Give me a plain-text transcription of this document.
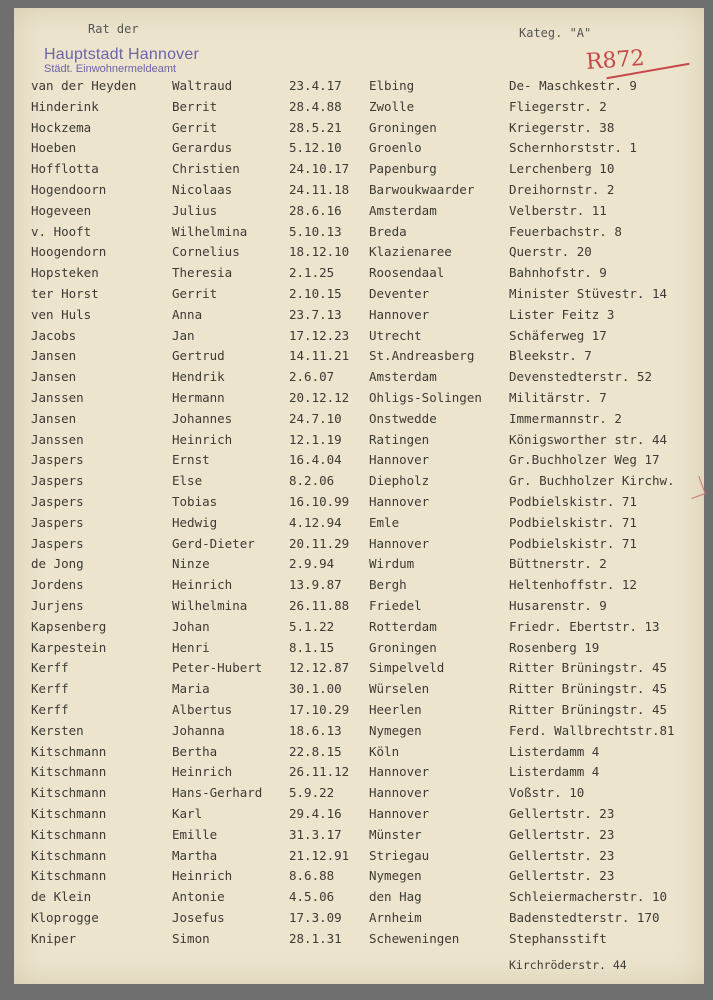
Rat der	Kateg. "A"
Hauptstadt Hannover
Städt. Einwohnermeldeamt	R872
van der Heyden	Waltraud	23.4.17 Elbing	De- Maschkestr. 9
Hinderink	Berrit	28.4.88 Zwolle	Fliegerstr. 2
Hockzema	Gerrit	28.5.21 Groningen	Kriegerstr. 38
Hoeben	Gerardus	5.12.10 Groenlo	Schernhorststr. 1
Hofflotta	Christien	24.10.17 Papenburg	Lerchenberg 10
Hogendoorn	Nicolaas	24.11.18 Barwoukwaarder	Dreihornstr. 2
Hogeveen	Julius	28.6.16 Amsterdam	Velberstr. 11
v. Hooft	Wilhelmina	5.10.13 Breda	Feuerbachstr. 8
Hoogendorn	Cornelius	18.12.10 Klazienaree	Querstr. 20
Hopsteken	Theresia	2.1.25	Roosendaal	Bahnhofstr. 9
ter Horst	Gerrit	2.10.15 Deventer	Minister Stüvestr. 14
ven Huls	Anna	23.7.13 Hannover	Lister Feitz 3
Jacobs	Jan	17.12.23 Utrecht	Schäferweg 17
Jansen	Gertrud	14.11.21 St.Andreasberg	Bleekstr. 7
Jansen	Hendrik	2.6.07	Amsterdam	Devenstedterstr. 52
Janssen	Hermann	20.12.12 Ohligs-Solingen Militärstr. 7
Jansen	Johannes	24.7.10 Onstwedde	Immermannstr. 2
Janssen	Heinrich	12.1.19 Ratingen	Königsworther str. 44
Jaspers	Ernst	16.4.04 Hannover	Gr.Buchholzer Weg 17
Jaspers	Else	8.2.06	Diepholz	Gr. Buchholzer Kirchw.
Jaspers	Tobias	16.10.99 Hannover	Podbielskistr. 71
Jaspers	Hedwig	4.12.94 Emle	Podbielskistr. 71
Jaspers	Gerd-Dieter	20.11.29 Hannover	Podbielskistr. 71
de Jong	Ninze	2.9.94	Wirdum	Büttnerstr. 2
Jordens	Heinrich	13.9.87 Bergh	Heltenhoffstr. 12
Jurjens	Wilhelmina	26.11.88 Friedel	Husarenstr. 9
Kapsenberg	Johan	5.1.22	Rotterdam	Friedr. Ebertstr. 13
Karpestein	Henri	8.1.15	Groningen	Rosenberg 19
Kerff	Peter-Hubert 12.12.87 Simpelveld	Ritter Brüningstr. 45
Kerff	Maria	30.1.00 Würselen	Ritter Brüningstr. 45
Kerff	Albertus	17.10.29 Heerlen	Ritter Brüningstr. 45
Kersten	Johanna	18.6.13 Nymegen	Ferd. Wallbrechtstr.81
Kitschmann	Bertha	22.8.15 Köln	Listerdamm 4
Kitschmann	Heinrich	26.11.12 Hannover	Listerdamm 4
Kitschmann	Hans-Gerhard 5.9.22	Hannover	Voßstr. 10
Kitschmann	Karl	29.4.16 Hannover	Gellertstr. 23
Kitschmann	Emille	31.3.17 Münster	Gellertstr. 23
Kitschmann	Martha	21.12.91 Striegau	Gellertstr. 23
Kitschmann	Heinrich	8.6.88	Nymegen	Gellertstr. 23
de Klein	Antonie	4.5.06	den Hag	Schleiermacherstr. 10
Kloprogge	Josefus	17.3.09 Arnheim	Badenstedterstr. 170
Kniper	Simon	28.1.31 Scheweningen	Stephansstift
Kirchröderstr. 44
